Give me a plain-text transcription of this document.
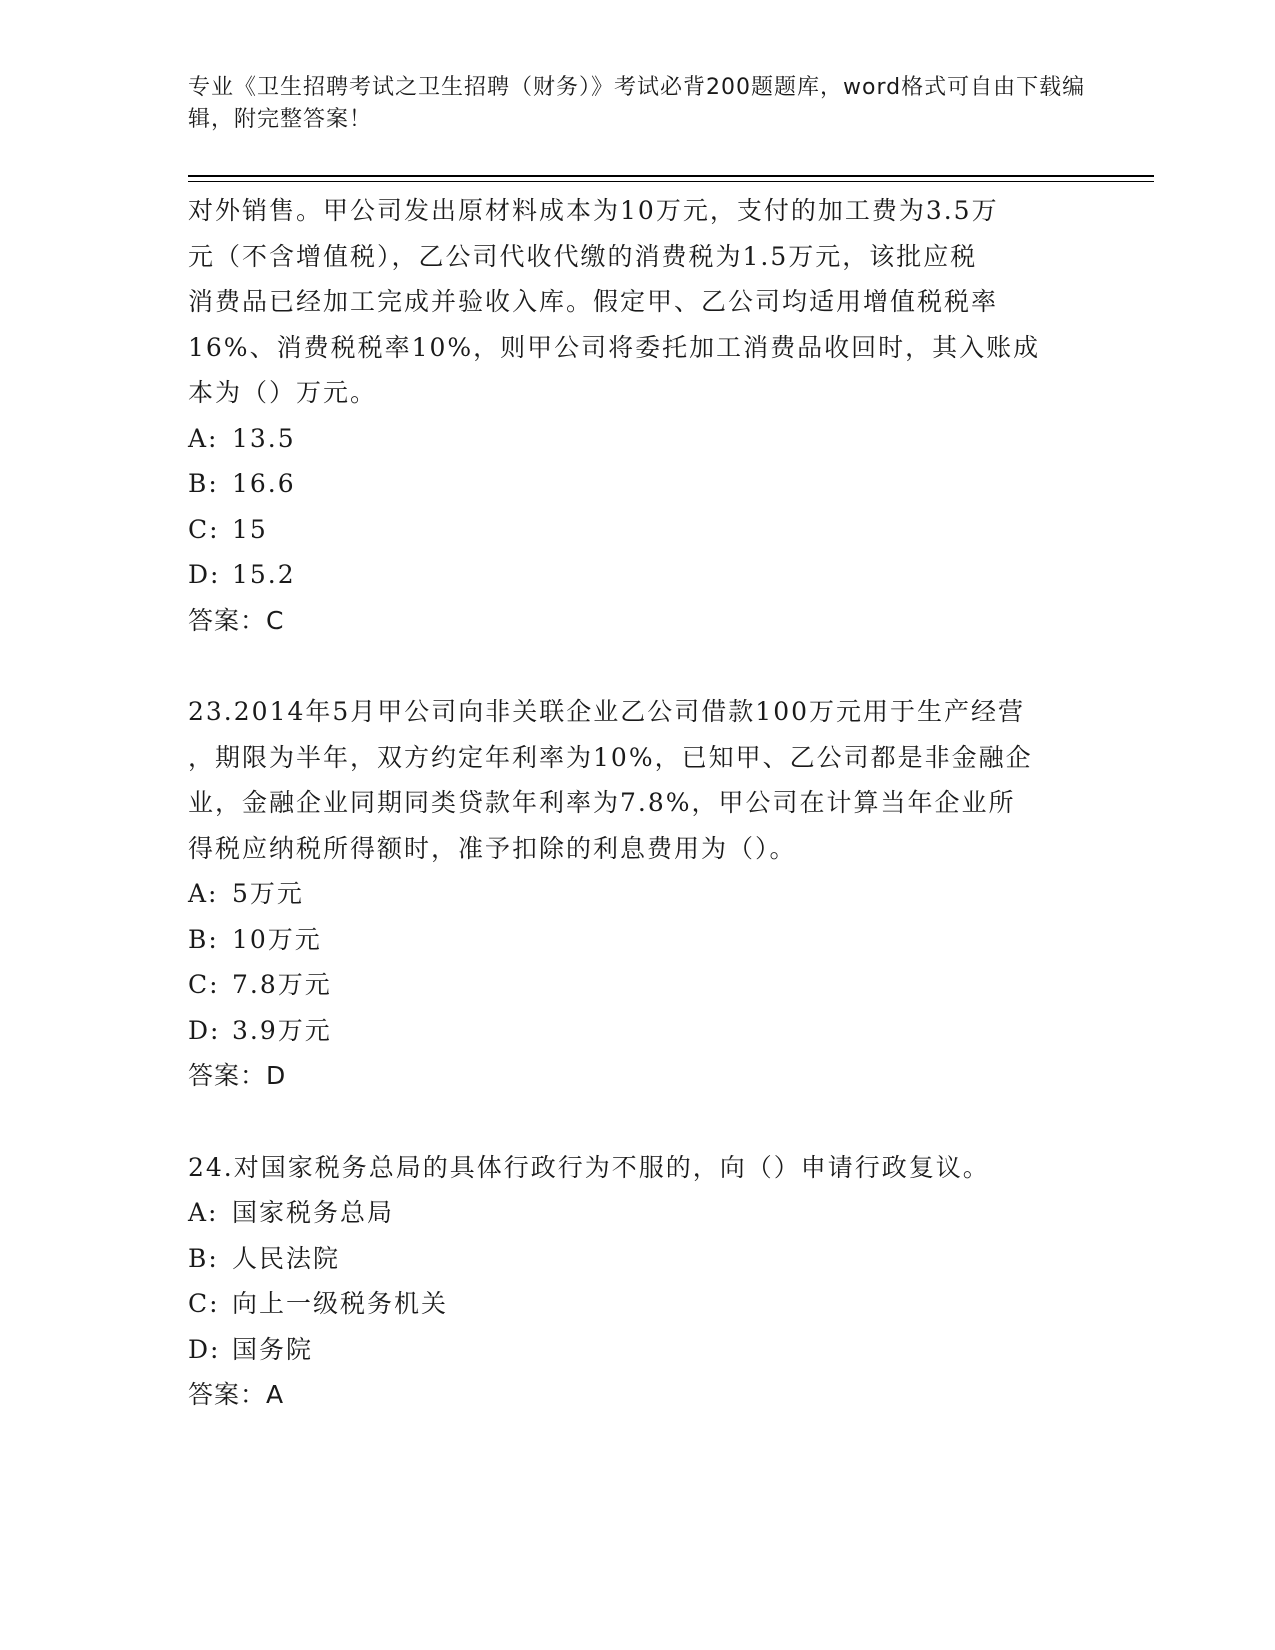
专业《卫生招聘考试之卫生招聘（财务）》考试必背200题题库，word格式可自由下载编辑，附完整答案！

对外销售。甲公司发出原材料成本为10万元，支付的加工费为3.5万

元（不含增值税），乙公司代收代缴的消费税为1.5万元，该批应税

消费品已经加工完成并验收入库。假定甲、乙公司均适用增值税税率

16%、消费税税率10%，则甲公司将委托加工消费品收回时，其入账成

本为（）万元。

A: 13.5

B: 16.6

C: 15

D: 15.2

答案：C

23.2014年5月甲公司向非关联企业乙公司借款100万元用于生产经营

，期限为半年，双方约定年利率为10%，已知甲、乙公司都是非金融企

业，金融企业同期同类贷款年利率为7.8%，甲公司在计算当年企业所

得税应纳税所得额时，准予扣除的利息费用为（）。

A: 5万元

B: 10万元

C: 7.8万元

D: 3.9万元

答案：D

24.对国家税务总局的具体行政行为不服的，向（）申请行政复议。

A: 国家税务总局

B: 人民法院

C: 向上一级税务机关

D: 国务院

答案：A
